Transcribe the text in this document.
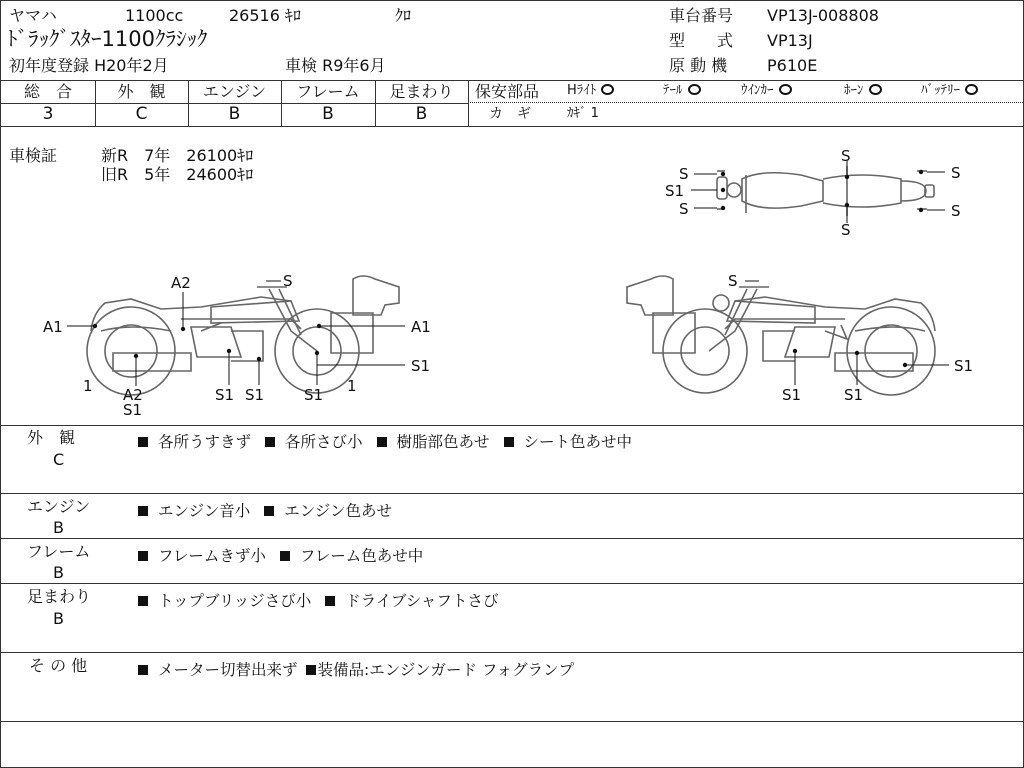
ヤマハ	1100cc	26516 ｷﾛ	ｸﾛ
ﾄﾞﾗｯｸﾞｽﾀｰ1100ｸﾗｼｯｸ
初年度登録 H20年2月	車検 R9年6月
車台番号 VP13J-008808
型　　式 VP13J
原 動 機 P610E
総　合	外　観	エンジン	フレーム	足まわり
3	C	B	B	B
保安部品 Hﾗｲﾄ	ﾃｰﾙ	ｳｲﾝｶｰ	ﾎｰﾝ	ﾊﾞｯﾃﾘｰ
カ　ギ	ｶｷﾞ 1
車検証	新R　7年　26100ｷﾛ
旧R　5年　24600ｷﾛ	S
S1
S
S
S
S
S
A2	S
A1	A1
S1
1	1
A2
S1
S1 S1	S1
S
S1
S1	S1
外　観
C
各所うすきず 各所さび小 樹脂部色あせ シート色あせ中
エンジン
B
エンジン音小 エンジン色あせ
フレーム
B
フレームきず小 フレーム色あせ中
足まわり
B
トップブリッジさび小 ドライブシャフトさび
そ の 他	メーター切替出来ず 装備品:エンジンガード フォグランプ
